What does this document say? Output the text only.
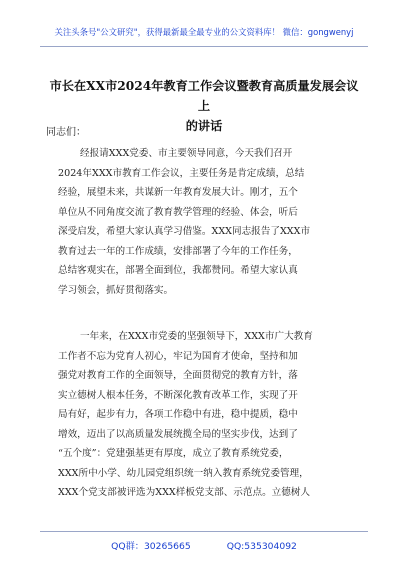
关注头条号"公文研究"，获得最新最全最专业的公文资料库！ 微信：gongwenyj
市长在XX市2024年教育工作会议暨教育高质量发展会议上
的讲话
同志们：
经报请XXX党委、市主要领导同意，今天我们召开
2024年XXX市教育工作会议，主要任务是肯定成绩，总结
经验，展望未来，共谋新一年教育发展大计。刚才，五个
单位从不同角度交流了教育教学管理的经验、体会，听后
深受启发，希望大家认真学习借鉴。XXX同志报告了XXX市
教育过去一年的工作成绩，安排部署了今年的工作任务，
总结客观实在，部署全面到位，我都赞同。希望大家认真
学习领会，抓好贯彻落实。
一年来，在XXX市党委的坚强领导下，XXX市广大教育
工作者不忘为党育人初心，牢记为国育才使命，坚持和加
强党对教育工作的全面领导，全面贯彻党的教育方针，落
实立德树人根本任务，不断深化教育改革工作，实现了开
局有好，起步有力，各项工作稳中有进，稳中提质，稳中
增效，迈出了以高质量发展统揽全局的坚实步伐，达到了
“五个度”：党建强基更有厚度，成立了教育系统党委，
XXX所中小学、幼儿园党组织统一纳入教育系统党委管理，
XXX个党支部被评选为XXX样板党支部、示范点。立德树人
QQ群：30265665	QQ:535304092
